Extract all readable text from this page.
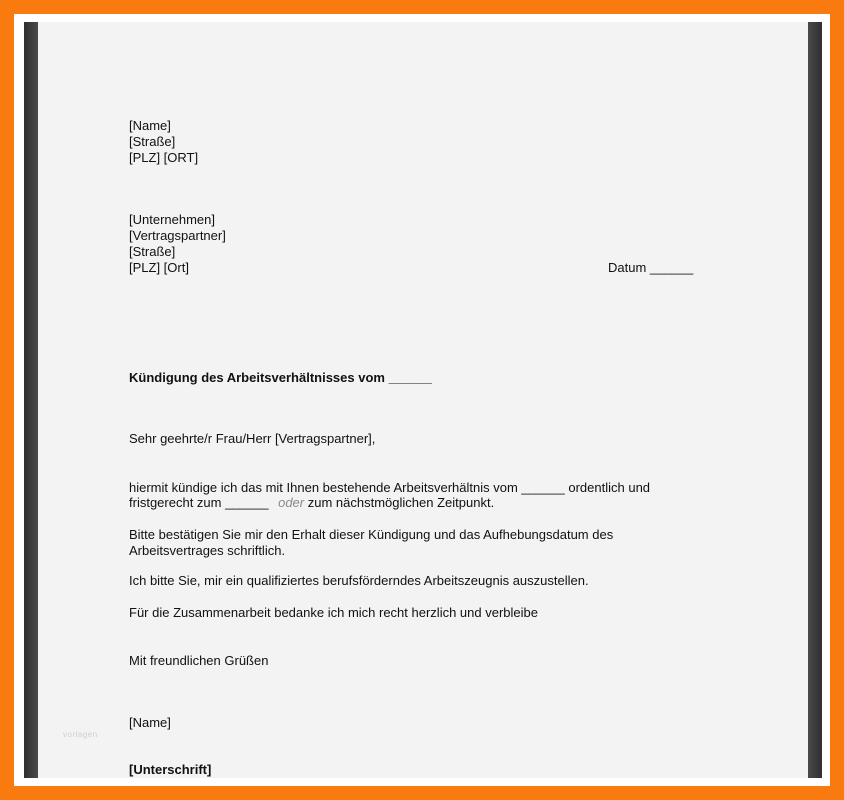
[Name]
[Straße]
[PLZ] [ORT]
[Unternehmen]
[Vertragspartner]
[Straße]
[PLZ] [Ort]	Datum ______
Kündigung des Arbeitsverhältnisses vom ______
Sehr geehrte/r Frau/Herr [Vertragspartner],
hiermit kündige ich das mit Ihnen bestehende Arbeitsverhältnis vom ______ ordentlich und
fristgerecht zum ______ oder zum nächstmöglichen Zeitpunkt.
Bitte bestätigen Sie mir den Erhalt dieser Kündigung und das Aufhebungsdatum des
Arbeitsvertrages schriftlich.
Ich bitte Sie, mir ein qualifiziertes berufsförderndes Arbeitszeugnis auszustellen.
Für die Zusammenarbeit bedanke ich mich recht herzlich und verbleibe
Mit freundlichen Grüßen
[Name]
[Unterschrift]
vorlagen
